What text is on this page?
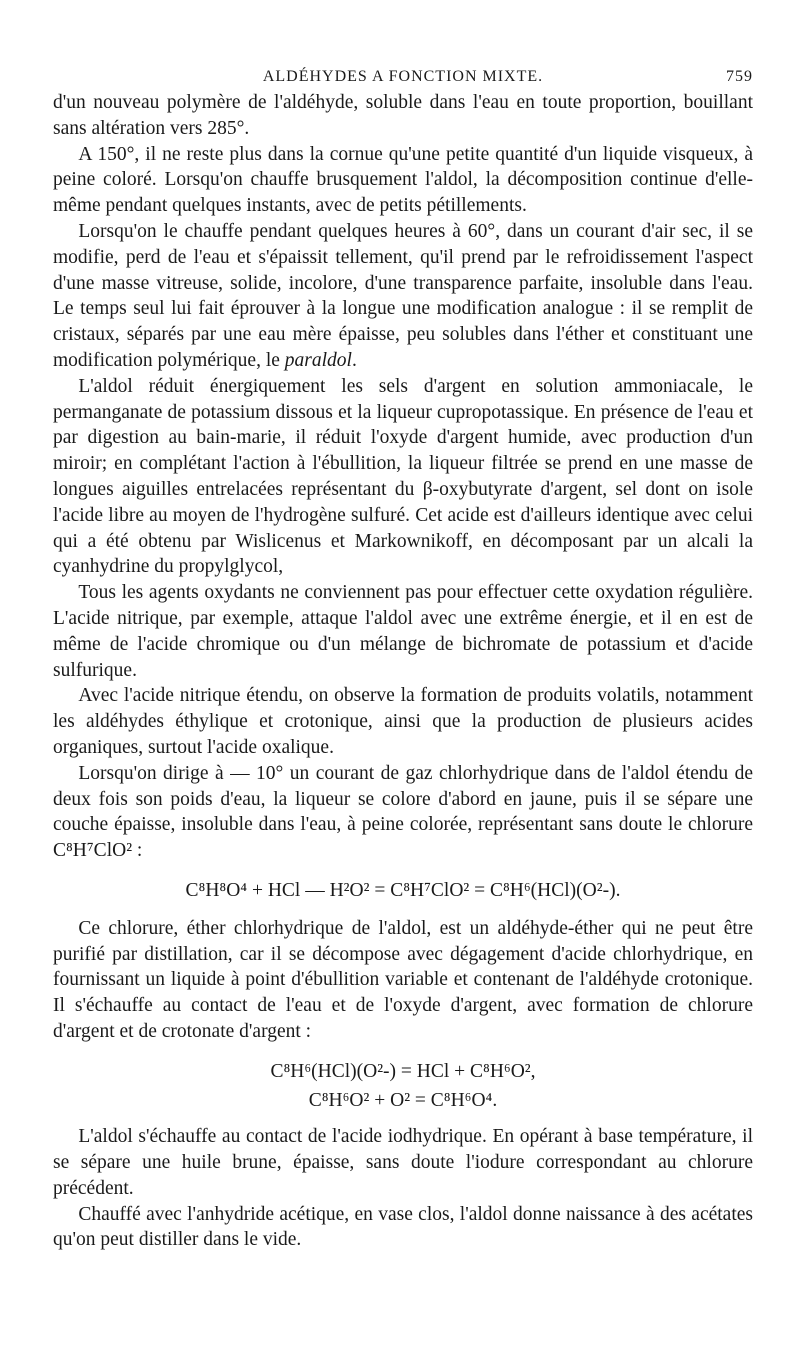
ALDÉHYDES A FONCTION MIXTE.	759

d'un nouveau polymère de l'aldéhyde, soluble dans l'eau en toute proportion, bouillant sans altération vers 285°.

A 150°, il ne reste plus dans la cornue qu'une petite quantité d'un liquide visqueux, à peine coloré. Lorsqu'on chauffe brusquement l'aldol, la décomposition continue d'elle-même pendant quelques instants, avec de petits pétillements.

Lorsqu'on le chauffe pendant quelques heures à 60°, dans un courant d'air sec, il se modifie, perd de l'eau et s'épaissit tellement, qu'il prend par le refroidissement l'aspect d'une masse vitreuse, solide, incolore, d'une transparence parfaite, insoluble dans l'eau. Le temps seul lui fait éprouver à la longue une modification analogue : il se remplit de cristaux, séparés par une eau mère épaisse, peu solubles dans l'éther et constituant une modification polymérique, le paraldol.

L'aldol réduit énergiquement les sels d'argent en solution ammoniacale, le permanganate de potassium dissous et la liqueur cupropotassique. En présence de l'eau et par digestion au bain-marie, il réduit l'oxyde d'argent humide, avec production d'un miroir; en complétant l'action à l'ébullition, la liqueur filtrée se prend en une masse de longues aiguilles entrelacées représentant du β-oxybutyrate d'argent, sel dont on isole l'acide libre au moyen de l'hydrogène sulfuré. Cet acide est d'ailleurs identique avec celui qui a été obtenu par Wislicenus et Markownikoff, en décomposant par un alcali la cyanhydrine du propylglycol,

Tous les agents oxydants ne conviennent pas pour effectuer cette oxydation régulière. L'acide nitrique, par exemple, attaque l'aldol avec une extrême énergie, et il en est de même de l'acide chromique ou d'un mélange de bichromate de potassium et d'acide sulfurique.

Avec l'acide nitrique étendu, on observe la formation de produits volatils, notamment les aldéhydes éthylique et crotonique, ainsi que la production de plusieurs acides organiques, surtout l'acide oxalique.

Lorsqu'on dirige à — 10° un courant de gaz chlorhydrique dans de l'aldol étendu de deux fois son poids d'eau, la liqueur se colore d'abord en jaune, puis il se sépare une couche épaisse, insoluble dans l'eau, à peine colorée, représentant sans doute le chlorure C⁸H⁷ClO² :

C⁸H⁸O⁴ + HCl — H²O² = C⁸H⁷ClO² = C⁸H⁶(HCl)(O²-).

Ce chlorure, éther chlorhydrique de l'aldol, est un aldéhyde-éther qui ne peut être purifié par distillation, car il se décompose avec dégagement d'acide chlorhydrique, en fournissant un liquide à point d'ébullition variable et contenant de l'aldéhyde crotonique. Il s'échauffe au contact de l'eau et de l'oxyde d'argent, avec formation de chlorure d'argent et de crotonate d'argent :

C⁸H⁶(HCl)(O²-) = HCl + C⁸H⁶O²,

C⁸H⁶O² + O² = C⁸H⁶O⁴.

L'aldol s'échauffe au contact de l'acide iodhydrique. En opérant à base température, il se sépare une huile brune, épaisse, sans doute l'iodure correspondant au chlorure précédent.

Chauffé avec l'anhydride acétique, en vase clos, l'aldol donne naissance à des acétates qu'on peut distiller dans le vide.
